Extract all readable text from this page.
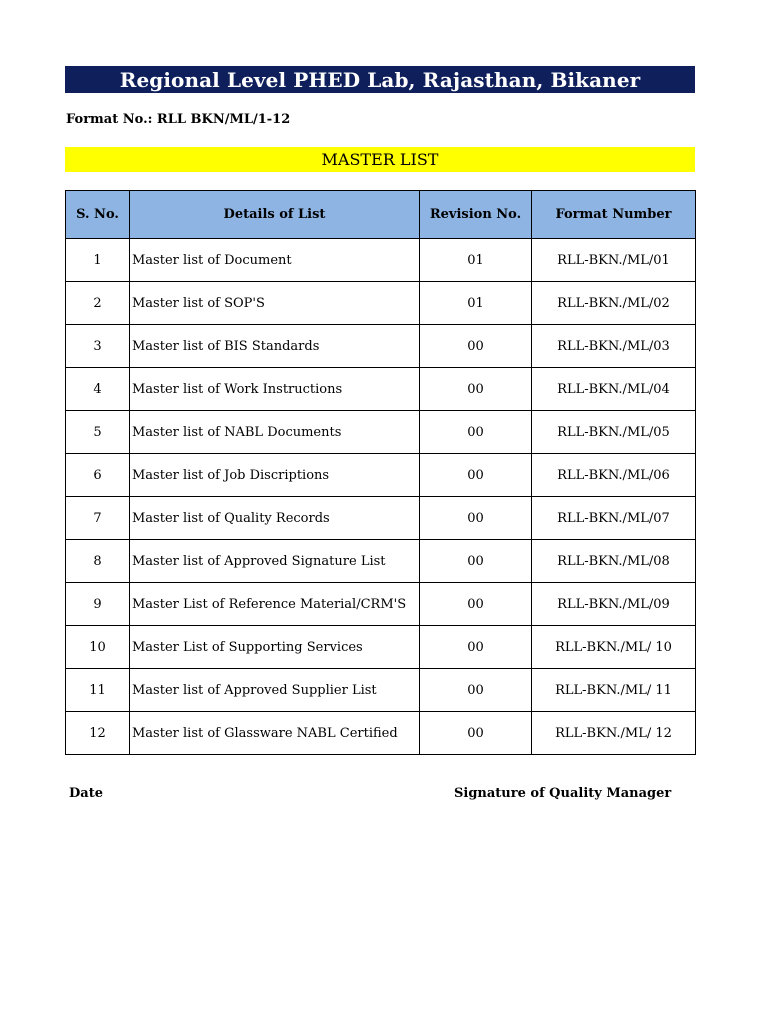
Regional Level PHED Lab, Rajasthan, Bikaner
Format No.: RLL BKN/ML/1-12
MASTER LIST
S. No.	Details of List	Revision No.	Format Number
1	Master list of Document	01	RLL-BKN./ML/01
2	Master list of SOP'S	01	RLL-BKN./ML/02
3	Master list of BIS Standards	00	RLL-BKN./ML/03
4	Master list of Work Instructions	00	RLL-BKN./ML/04
5	Master list of NABL Documents	00	RLL-BKN./ML/05
6	Master list of Job Discriptions	00	RLL-BKN./ML/06
7	Master list of Quality Records	00	RLL-BKN./ML/07
8	Master list of Approved Signature List	00	RLL-BKN./ML/08
9	Master List of Reference Material/CRM'S	00	RLL-BKN./ML/09
10	Master List of Supporting Services	00	RLL-BKN./ML/ 10
11	Master list of Approved Supplier List	00	RLL-BKN./ML/ 11
12	Master list of Glassware NABL Certified	00	RLL-BKN./ML/ 12
Date	Signature of Quality Manager
